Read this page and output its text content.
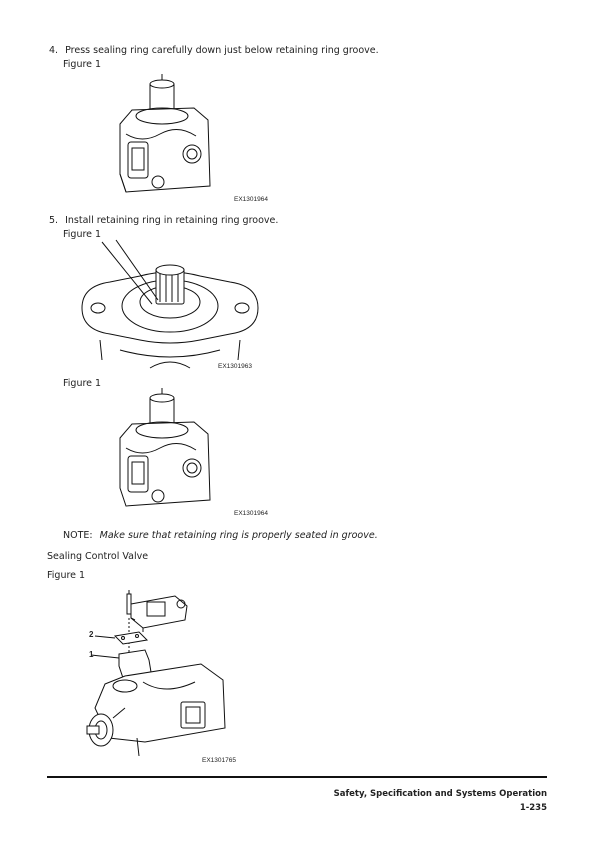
4. Press sealing ring carefully down just below retaining ring groove.
Figure 1
EX1301964
5. Install retaining ring in retaining ring groove.
Figure 1
EX1301963
Figure 1
EX1301964
NOTE: Make sure that retaining ring is properly seated in groove.
Sealing Control Valve
Figure 1
2
1
EX1301765
Safety, Specification and Systems Operation
1-235
